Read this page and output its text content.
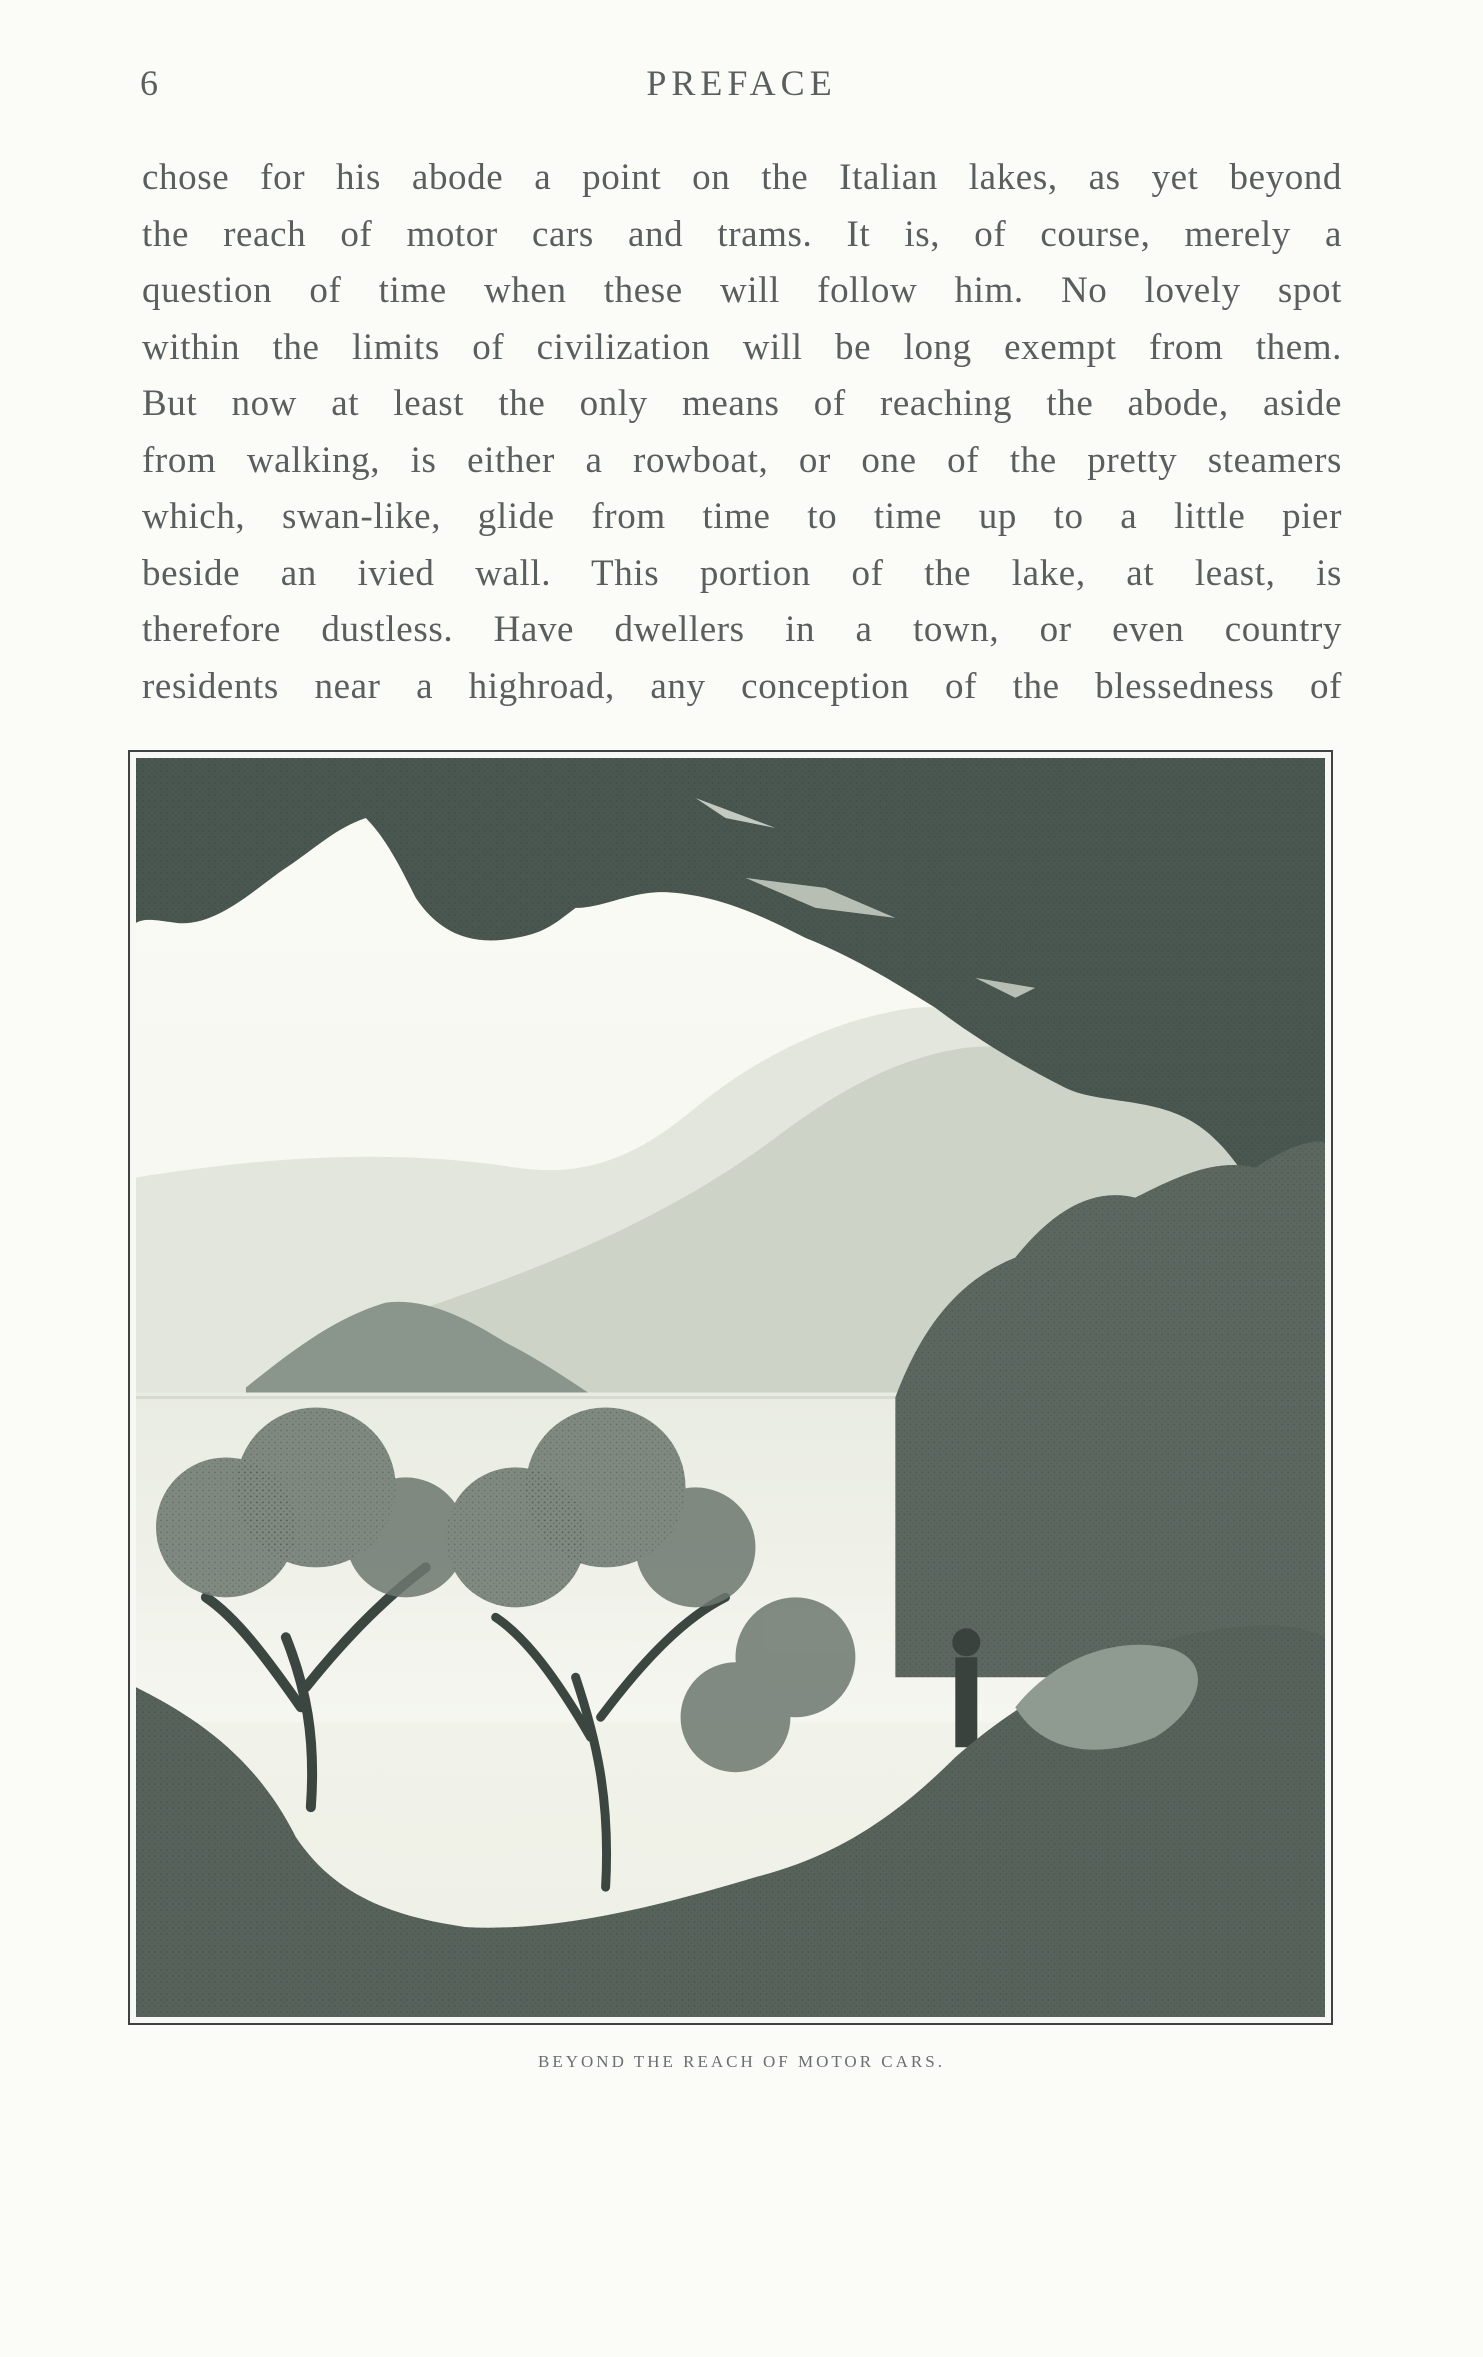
6	PREFACE
chose for his abode a point on the Italian lakes, as yet beyond
the reach of motor cars and trams. It is, of course, merely a
question of time when these will follow him. No lovely spot
within the limits of civilization will be long exempt from them.
But now at least the only means of reaching the abode, aside
from walking, is either a rowboat, or one of the pretty steamers
which, swan-like, glide from time to time up to a little pier
beside an ivied wall. This portion of the lake, at least, is
therefore dustless. Have dwellers in a town, or even country
residents near a highroad, any conception of the blessedness of
BEYOND THE REACH OF MOTOR CARS.
